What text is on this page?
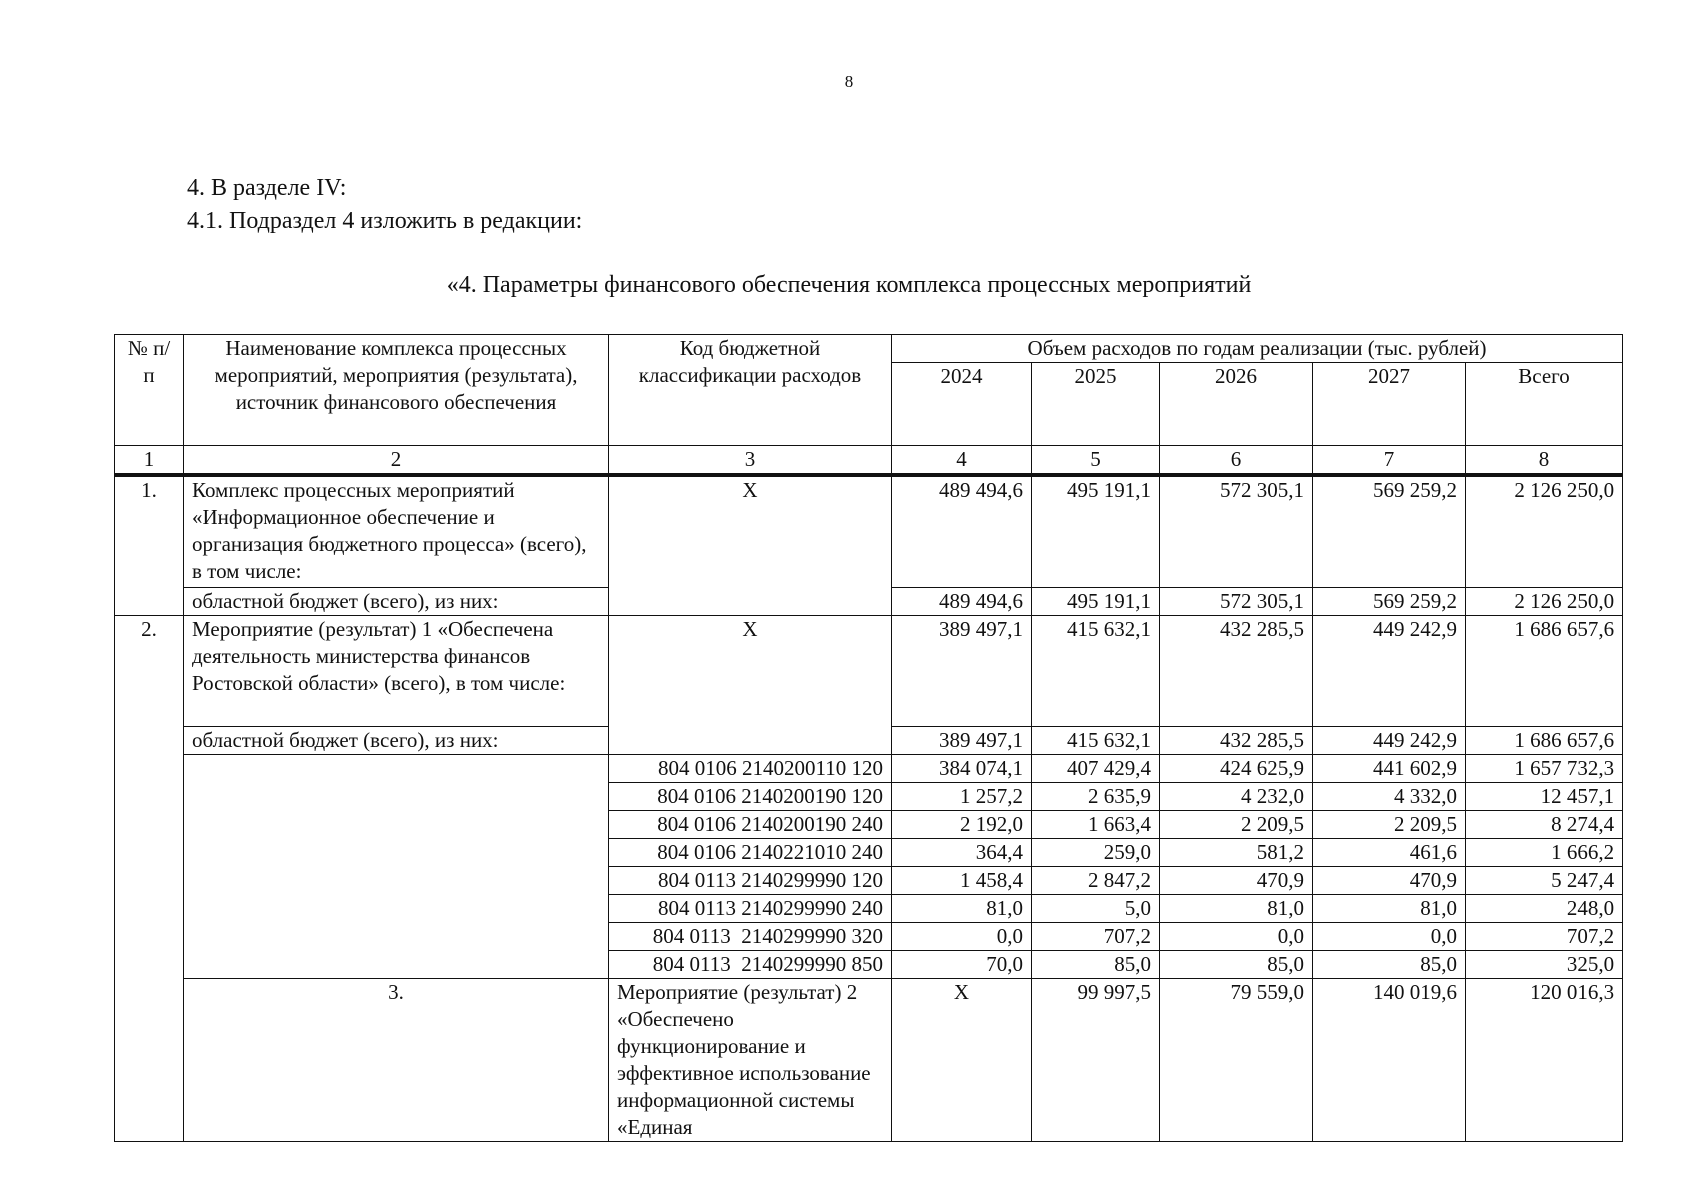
8
4. В разделе IV:
4.1. Подраздел 4 изложить в редакции:
«4. Параметры финансового обеспечения комплекса процессных мероприятий
№ п/п	Наименование комплекса процессных мероприятий, мероприятия (результата), источник финансового обеспечения	Код бюджетной классификации расходов	Объем расходов по годам реализации (тыс. рублей)					
			2024	2025	2026	2027	Всего	
1	2	3	4	5	6	7	8	
1.	Комплекс процессных мероприятий «Информационное обеспечение и организация бюджетного процесса» (всего), в том числе:	X	489 494,6	495 191,1	572 305,1	569 259,2	2 126 250,0	
	областной бюджет (всего), из них:		489 494,6	495 191,1	572 305,1	569 259,2	2 126 250,0	
2.	Мероприятие (результат) 1 «Обеспечена деятельность министерства финансов Ростовской области» (всего), в том числе:	X	389 497,1	415 632,1	432 285,5	449 242,9	1 686 657,6	
	областной бюджет (всего), из них:		389 497,1	415 632,1	432 285,5	449 242,9	1 686 657,6	
		804 0106 2140200110 120	384 074,1	407 429,4	424 625,9	441 602,9	1 657 732,3	
		804 0106 2140200190 120	1 257,2	2 635,9	4 232,0	4 332,0	12 457,1	
		804 0106 2140200190 240	2 192,0	1 663,4	2 209,5	2 209,5	8 274,4	
		804 0106 2140221010 240	364,4	259,0	581,2	461,6	1 666,2	
		804 0113 2140299990 120	1 458,4	2 847,2	470,9	470,9	5 247,4	
		804 0113 2140299990 240	81,0	5,0	81,0	81,0	248,0	
		804 0113  2140299990 320	0,0	707,2	0,0	0,0	707,2	
		804 0113  2140299990 850	70,0	85,0	85,0	85,0	325,0	
	3.	Мероприятие (результат) 2 «Обеспечено функционирование и эффективное использование информационной системы «Единая	X	99 997,5	79 559,0	140 019,6	120 016,3	
